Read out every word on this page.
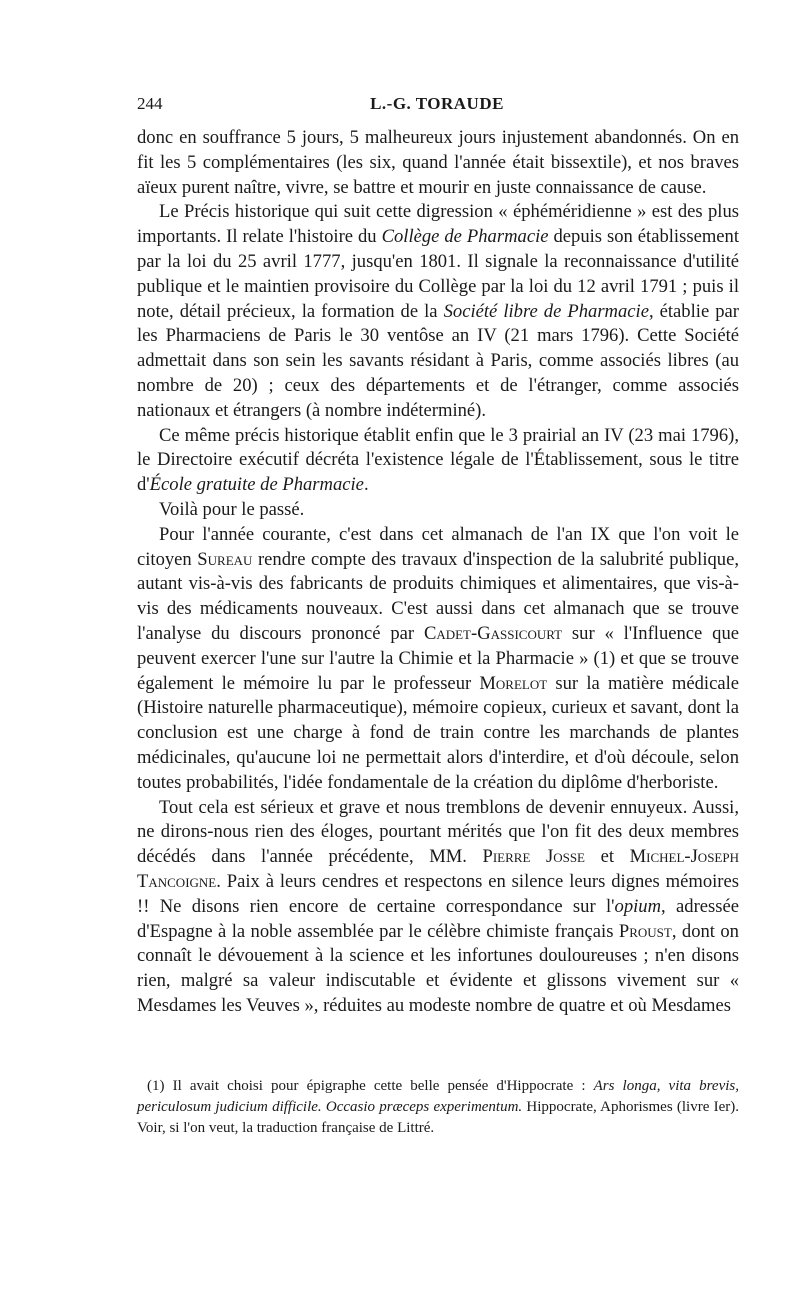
244	L.-G. TORAUDE

donc en souffrance 5 jours, 5 malheureux jours injustement abandonnés. On en fit les 5 complémentaires (les six, quand l'année était bissextile), et nos braves aïeux purent naître, vivre, se battre et mourir en juste connaissance de cause.

Le Précis historique qui suit cette digression « éphéméridienne » est des plus importants. Il relate l'histoire du Collège de Pharmacie depuis son établissement par la loi du 25 avril 1777, jusqu'en 1801. Il signale la reconnaissance d'utilité publique et le maintien provisoire du Collège par la loi du 12 avril 1791 ; puis il note, détail précieux, la formation de la Société libre de Pharmacie, établie par les Pharmaciens de Paris le 30 ventôse an IV (21 mars 1796). Cette Société admettait dans son sein les savants résidant à Paris, comme associés libres (au nombre de 20) ; ceux des départements et de l'étranger, comme associés nationaux et étrangers (à nombre indéterminé).

Ce même précis historique établit enfin que le 3 prairial an IV (23 mai 1796), le Directoire exécutif décréta l'existence légale de l'Établissement, sous le titre d'École gratuite de Pharmacie.

Voilà pour le passé.

Pour l'année courante, c'est dans cet almanach de l'an IX que l'on voit le citoyen Sureau rendre compte des travaux d'inspection de la salubrité publique, autant vis-à-vis des fabricants de produits chimiques et alimentaires, que vis-à-vis des médicaments nouveaux. C'est aussi dans cet almanach que se trouve l'analyse du discours prononcé par Cadet-Gassicourt sur « l'Influence que peuvent exercer l'une sur l'autre la Chimie et la Pharmacie » (1) et que se trouve également le mémoire lu par le professeur Morelot sur la matière médicale (Histoire naturelle pharmaceutique), mémoire copieux, curieux et savant, dont la conclusion est une charge à fond de train contre les marchands de plantes médicinales, qu'aucune loi ne permettait alors d'interdire, et d'où découle, selon toutes probabilités, l'idée fondamentale de la création du diplôme d'herboriste.

Tout cela est sérieux et grave et nous tremblons de devenir ennuyeux. Aussi, ne dirons-nous rien des éloges, pourtant mérités que l'on fit des deux membres décédés dans l'année précédente, MM. Pierre Josse et Michel-Joseph Tancoigne. Paix à leurs cendres et respectons en silence leurs dignes mémoires !! Ne disons rien encore de certaine correspondance sur l'opium, adressée d'Espagne à la noble assemblée par le célèbre chimiste français Proust, dont on connaît le dévouement à la science et les infortunes douloureuses ; n'en disons rien, malgré sa valeur indiscutable et évidente et glissons vivement sur « Mesdames les Veuves », réduites au modeste nombre de quatre et où Mesdames

(1) Il avait choisi pour épigraphe cette belle pensée d'Hippocrate : Ars longa, vita brevis, periculosum judicium difficile. Occasio præceps experimentum. Hippocrate, Aphorismes (livre Ier). Voir, si l'on veut, la traduction française de Littré.
